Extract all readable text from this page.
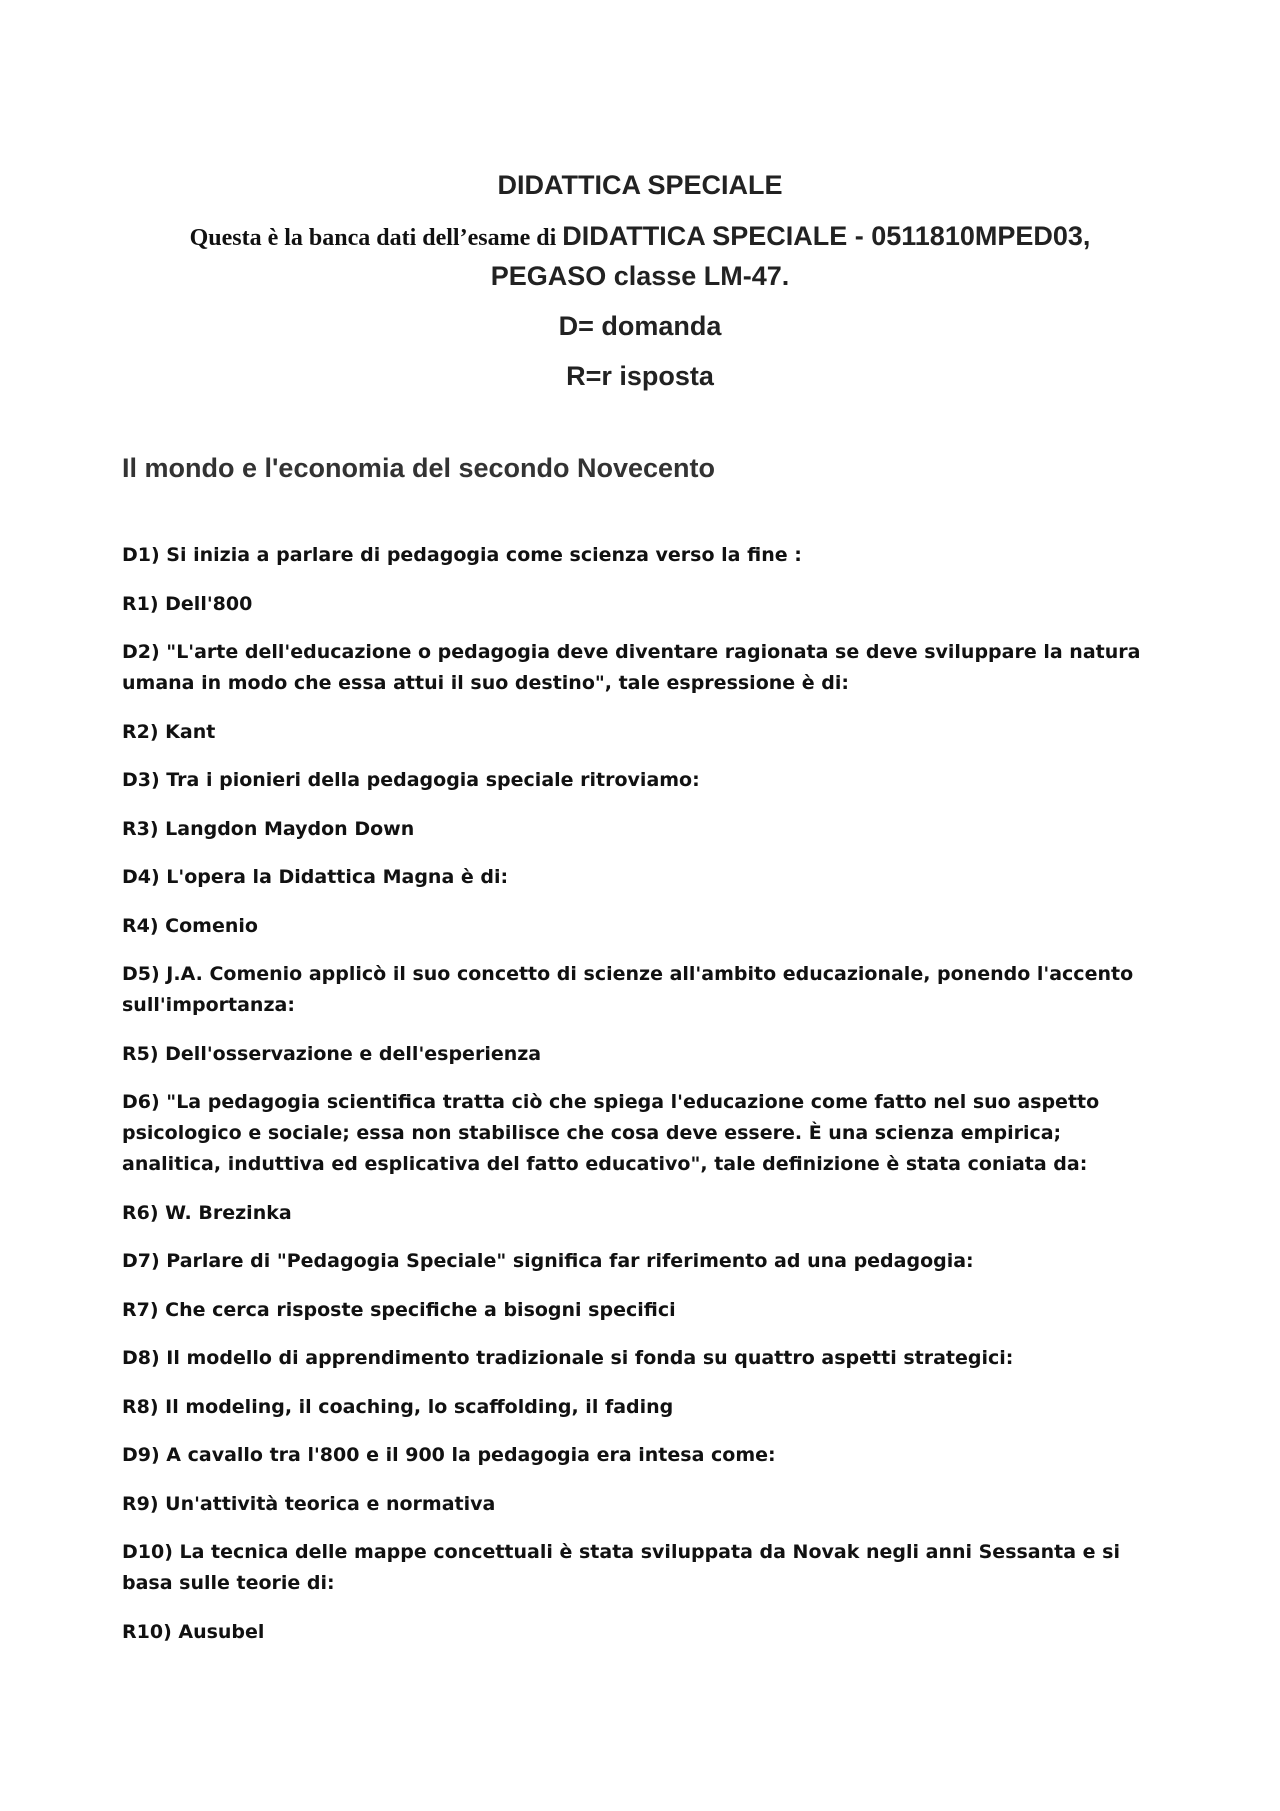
DIDATTICA SPECIALE
Questa è la banca dati dell’esame di DIDATTICA SPECIALE - 0511810MPED03,
PEGASO classe LM-47.
D= domanda
R=r isposta
Il mondo e l'economia del secondo Novecento
D1) Si inizia a parlare di pedagogia come scienza verso la fine :
R1) Dell'800
D2) "L'arte dell'educazione o pedagogia deve diventare ragionata se deve sviluppare la natura umana in modo che essa attui il suo destino", tale espressione è di:
R2) Kant
D3) Tra i pionieri della pedagogia speciale ritroviamo:
R3) Langdon Maydon Down
D4) L'opera la Didattica Magna è di:
R4) Comenio
D5) J.A. Comenio applicò il suo concetto di scienze all'ambito educazionale, ponendo l'accento sull'importanza:
R5) Dell'osservazione e dell'esperienza
D6) "La pedagogia scientifica tratta ciò che spiega l'educazione come fatto nel suo aspetto psicologico e sociale; essa non stabilisce che cosa deve essere. È una scienza empirica; analitica, induttiva ed esplicativa del fatto educativo", tale definizione è stata coniata da:
R6) W. Brezinka
D7) Parlare di "Pedagogia Speciale" significa far riferimento ad una pedagogia:
R7) Che cerca risposte specifiche a bisogni specifici
D8) Il modello di apprendimento tradizionale si fonda su quattro aspetti strategici:
R8) Il modeling, il coaching, lo scaffolding, il fading
D9) A cavallo tra l'800 e il 900 la pedagogia era intesa come:
R9) Un'attività teorica e normativa
D10) La tecnica delle mappe concettuali è stata sviluppata da Novak negli anni Sessanta e si basa sulle teorie di:
R10) Ausubel
